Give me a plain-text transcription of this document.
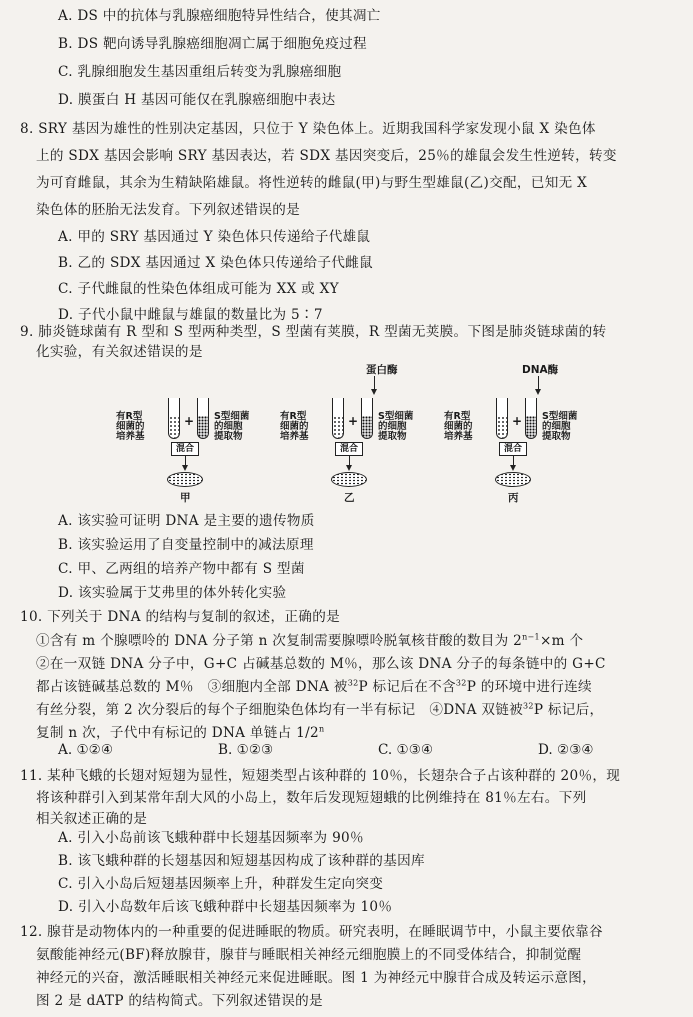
A. DS 中的抗体与乳腺癌细胞特异性结合，使其凋亡
B. DS 靶向诱导乳腺癌细胞凋亡属于细胞免疫过程
C. 乳腺细胞发生基因重组后转变为乳腺癌细胞
D. 膜蛋白 H 基因可能仅在乳腺癌细胞中表达
8. SRY 基因为雄性的性别决定基因，只位于 Y 染色体上。近期我国科学家发现小鼠 X 染色体
上的 SDX 基因会影响 SRY 基因表达，若 SDX 基因突变后，25％的雄鼠会发生性逆转，转变
为可育雌鼠，其余为生精缺陷雄鼠。将性逆转的雌鼠(甲)与野生型雄鼠(乙)交配，已知无 X
染色体的胚胎无法发育。下列叙述错误的是
A. 甲的 SRY 基因通过 Y 染色体只传递给子代雄鼠
B. 乙的 SDX 基因通过 X 染色体只传递给子代雌鼠
C. 子代雌鼠的性染色体组成可能为 XX 或 XY
D. 子代小鼠中雌鼠与雄鼠的数量比为 5∶7
9. 肺炎链球菌有 R 型和 S 型两种类型，S 型菌有荚膜，R 型菌无荚膜。下图是肺炎链球菌的转
化实验，有关叙述错误的是
有R型
细菌的
培养基
+ S型细菌
的细胞
提取物
混合
甲
蛋白酶
有R型
细菌的
培养基
+ S型细菌
的细胞
提取物
混合
乙
DNA酶
有R型
细菌的
培养基
+ S型细菌
的细胞
提取物
混合
丙
A. 该实验可证明 DNA 是主要的遗传物质
B. 该实验运用了自变量控制中的减法原理
C. 甲、乙两组的培养产物中都有 S 型菌
D. 该实验属于艾弗里的体外转化实验
10. 下列关于 DNA 的结构与复制的叙述，正确的是
①含有 m 个腺嘌呤的 DNA 分子第 n 次复制需要腺嘌呤脱氧核苷酸的数目为 $2^{n-1}\times m$ 个
②在一双链 DNA 分子中，G+C 占碱基总数的 M％，那么该 DNA 分子的每条链中的 G+C
都占该链碱基总数的 M％　③细胞内全部 DNA 被$^{32}$P 标记后在不含$^{32}$P 的环境中进行连续
有丝分裂，第 2 次分裂后的每个子细胞染色体均有一半有标记　④DNA 双链被$^{32}$P 标记后，
复制 n 次，子代中有标记的 DNA 单链占 1/2$^n$
A. ①②④	B. ①②③	C. ①③④	D. ②③④
11. 某种飞蛾的长翅对短翅为显性，短翅类型占该种群的 10％，长翅杂合子占该种群的 20％，现
将该种群引入到某常年刮大风的小岛上，数年后发现短翅蛾的比例维持在 81％左右。下列
相关叙述正确的是
A. 引入小岛前该飞蛾种群中长翅基因频率为 90％
B. 该飞蛾种群的长翅基因和短翅基因构成了该种群的基因库
C. 引入小岛后短翅基因频率上升，种群发生定向突变
D. 引入小岛数年后该飞蛾种群中长翅基因频率为 10％
12. 腺苷是动物体内的一种重要的促进睡眠的物质。研究表明，在睡眠调节中，小鼠主要依靠谷
氨酸能神经元(BF)释放腺苷，腺苷与睡眠相关神经元细胞膜上的不同受体结合，抑制觉醒
神经元的兴奋，激活睡眠相关神经元来促进睡眠。图 1 为神经元中腺苷合成及转运示意图，
图 2 是 dATP 的结构简式。下列叙述错误的是
